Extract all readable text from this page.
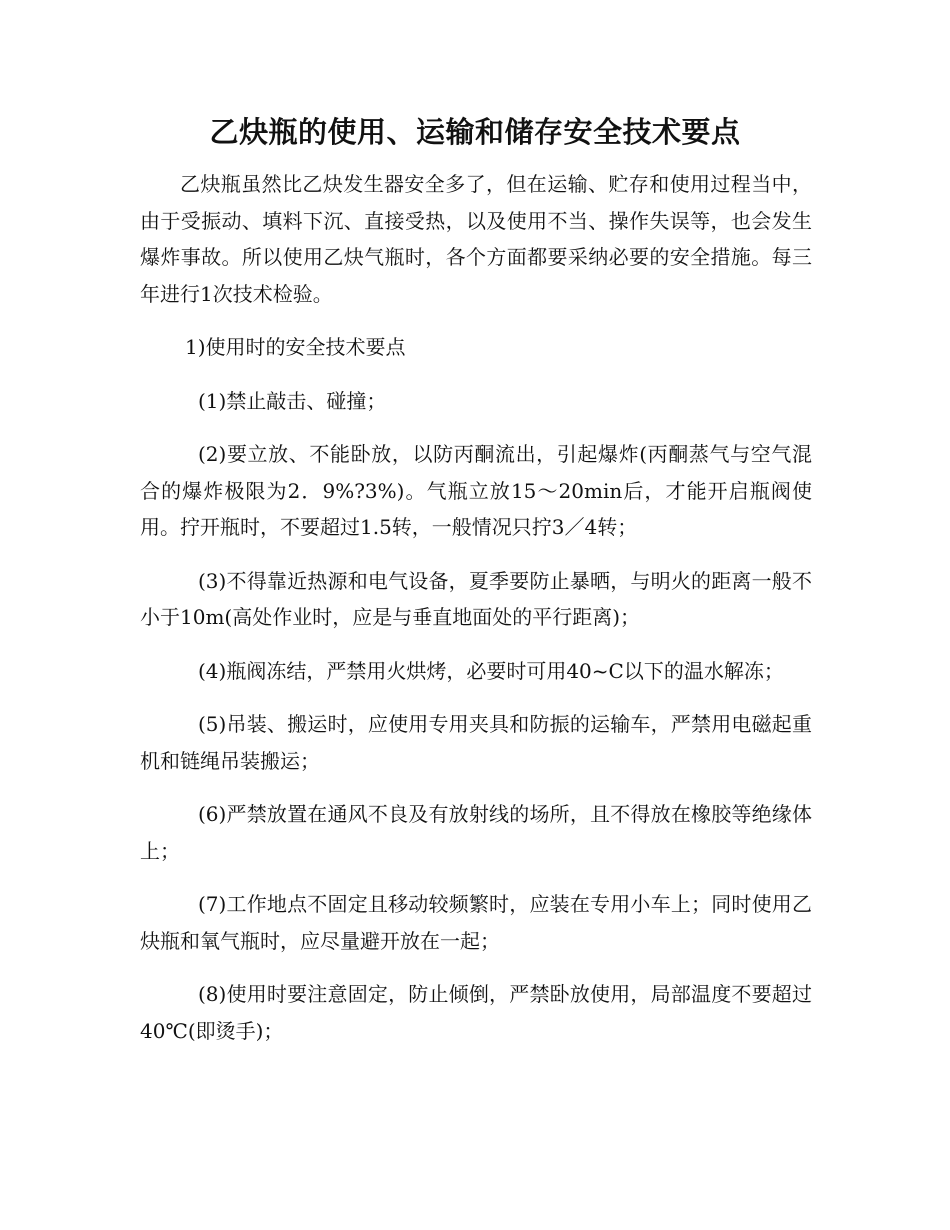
乙炔瓶的使用、运输和储存安全技术要点

乙炔瓶虽然比乙炔发生器安全多了，但在运输、贮存和使用过程当中，由于受振动、填料下沉、直接受热，以及使用不当、操作失误等，也会发生爆炸事故。所以使用乙炔气瓶时，各个方面都要采纳必要的安全措施。每三年进行1次技术检验。

1)使用时的安全技术要点

(1)禁止敲击、碰撞；

(2)要立放、不能卧放，以防丙酮流出，引起爆炸(丙酮蒸气与空气混合的爆炸极限为2．9%?3%)。气瓶立放15～20min后，才能开启瓶阀使用。拧开瓶时，不要超过1.5转，一般情况只拧3／4转；

(3)不得靠近热源和电气设备，夏季要防止暴晒，与明火的距离一般不小于10m(高处作业时，应是与垂直地面处的平行距离)；

(4)瓶阀冻结，严禁用火烘烤，必要时可用40~C以下的温水解冻；

(5)吊装、搬运时，应使用专用夹具和防振的运输车，严禁用电磁起重机和链绳吊装搬运；

(6)严禁放置在通风不良及有放射线的场所，且不得放在橡胶等绝缘体上；

(7)工作地点不固定且移动较频繁时，应装在专用小车上；同时使用乙炔瓶和氧气瓶时，应尽量避开放在一起；

(8)使用时要注意固定，防止倾倒，严禁卧放使用，局部温度不要超过40℃(即烫手)；
